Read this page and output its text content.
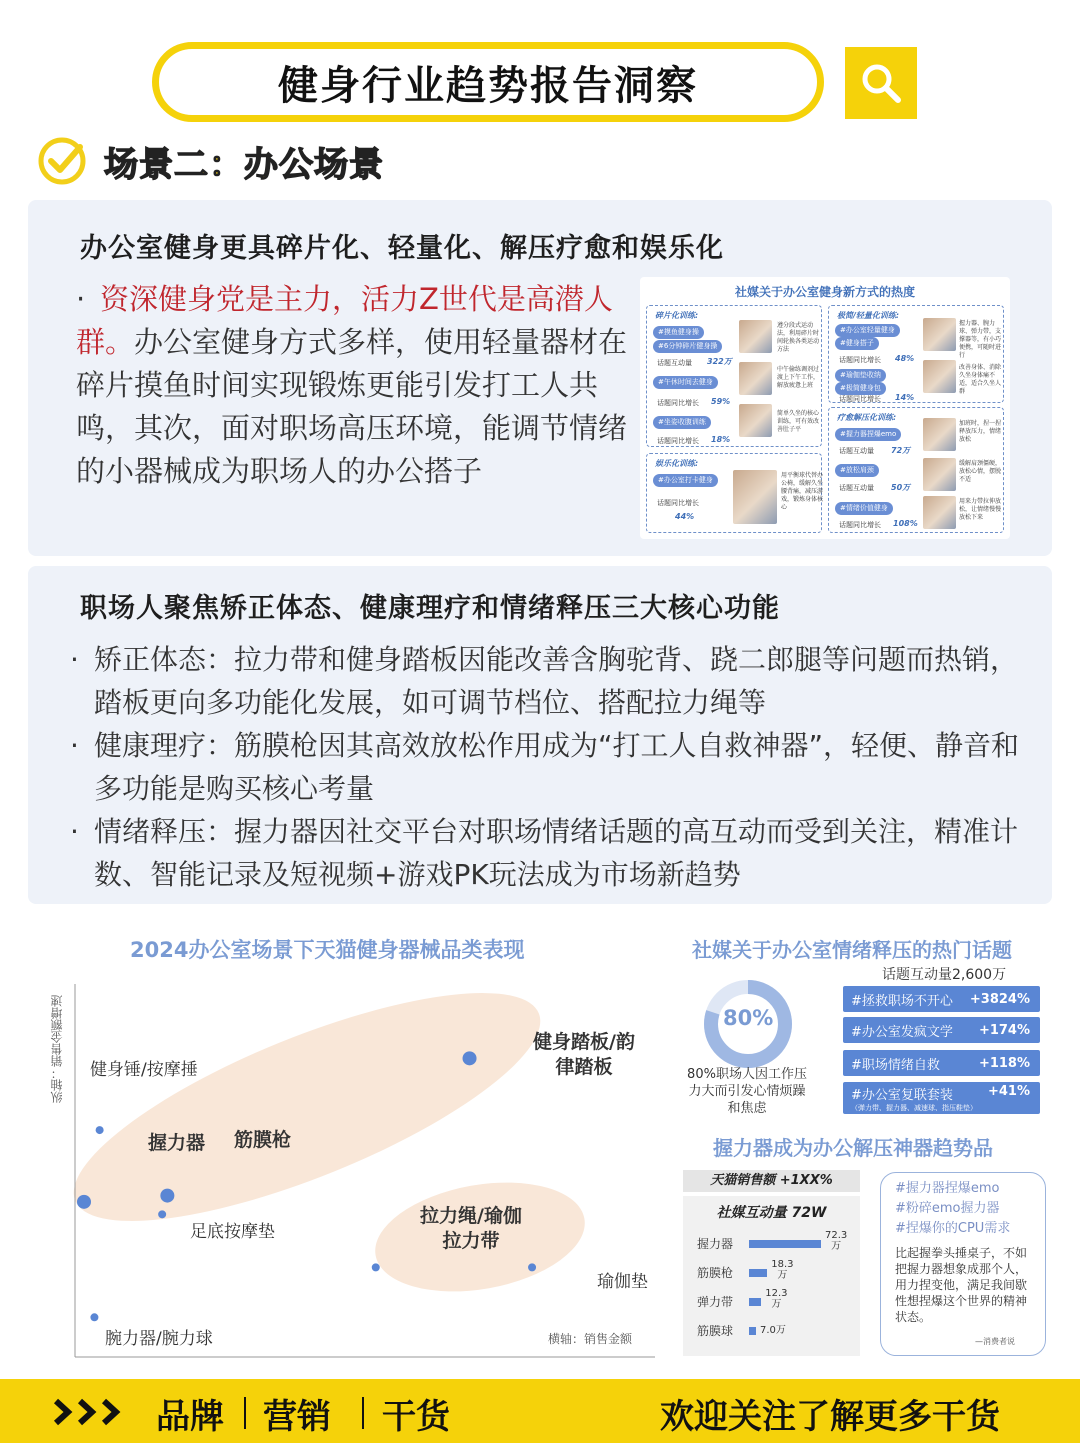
健身行业趋势报告洞察
场景二：办公场景
办公室健身更具碎片化、轻量化、解压疗愈和娱乐化
· 资深健身党是主力，活力Z世代是高潜人群。办公室健身方式多样，使用轻量器材在碎片摸鱼时间实现锻炼更能引发打工人共鸣，其次，面对职场高压环境，能调节情绪的小器械成为职场人的办公搭子
社媒关于办公室健身新方式的热度
碎片化训练:
#摸鱼健身操
#6分钟碎片健身操
话题互动量 322万
#午休时间去健身
话题同比增长 59%
#坐姿收腹训练
话题同比增长 18%
遵分段式运动法，利用碎片时间轮换各类运动方法
中午偷练调剂过渡上下午工作，解放疲惫上班
简单久坐的核心训练，可有效改善肚子平
娱乐化训练:
#办公室打卡健身
话题同比增长
44%
用平衡球代替办公椅，缓解久坐腰背痛，减压游戏，锻炼身体核心
极简/轻量化训练:
#办公室轻量健身
#健身搭子
话题同比增长 48%
#瑜伽垫收纳
#极简健身包
话题同比增长 14%
握力器、腕力球、弹力带，支撑器等，有小巧便携，可随时进行
改善身体、消除久坐身体痛不适，适合久坐人群
疗愈解压化训练:
#握力器捏爆emo
话题互动量 72万
#放松肩颈
话题互动量 50万
#情绪价值健身
话题同比增长 108%
加班时，捏一捏释放压力，情绪放松
缓解肩颈僵硬，放松心情，摆脱不适
用来力带拉伸放松，让情绪慢慢放松下来
职场人聚焦矫正体态、健康理疗和情绪释压三大核心功能
· 矫正体态：拉力带和健身踏板因能改善含胸驼背、跷二郎腿等问题而热销，踏板更向多功能化发展，如可调节档位、搭配拉力绳等
· 健康理疗：筋膜枪因其高效放松作用成为“打工人自救神器”，轻便、静音和多功能是购买核心考量
· 情绪释压：握力器因社交平台对职场情绪话题的高互动而受到关注，精准计数、智能记录及短视频+游戏PK玩法成为市场新趋势
2024办公室场景下天猫健身器械品类表现
纵轴：销售金额增速
横轴：销售金额
健身踏板/韵
律踏板
健身锤/按摩捶
握力器 筋膜枪
足底按摩垫
拉力绳/瑜伽
拉力带
瑜伽垫
腕力器/腕力球
社媒关于办公室情绪释压的热门话题
话题互动量2,600万
80%
80%职场人因工作压力大而引发心情烦躁和焦虑
#拯救职场不开心 +3824%
#办公室发疯文学 +174%
#职场情绪自救	+118%
#办公室复联套装	+41%
（弹力带、握力器、减速球、指压鞋垫）
握力器成为办公解压神器趋势品
天猫销售额 +1XX%
社媒互动量 72W
握力器
72.3
万
筋膜枪
18.3
万
弹力带
12.3
万
筋膜球	7.0万
#握力器捏爆emo
#粉碎emo握力器
#捏爆你的CPU需求
比起握拳头捶桌子，不如把握力器想象成那个人，用力捏变他，满足我间歇性想捏爆这个世界的精神状态。
—消费者说
品牌 营销 干货	欢迎关注了解更多干货
